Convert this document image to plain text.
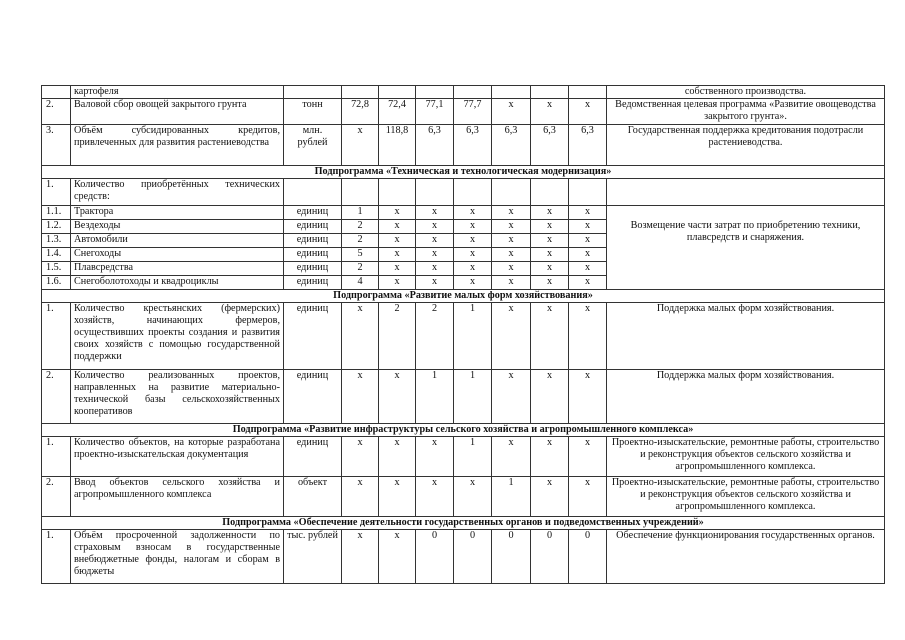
	картофеля									собственного производства.
2.	Валовой сбор овощей закрытого грунта	тонн	72,8	72,4	77,1	77,7	х	х	х	Ведомственная целевая программа «Развитие овощеводства закрытого грунта».
3.	Объём субсидированных кредитов, привлеченных для развития растениеводства	млн. рублей	х	118,8	6,3	6,3	6,3	6,3	6,3	Государственная поддержка кредитования подотрасли растениеводства.
Подпрограмма «Техническая и технологическая модернизация»										
1.	Количество приобретённых технических средств:									
1.1.	Трактора	единиц	1	х	х	х	х	х	х	Возмещение части затрат по приобретению техники, плавсредств и снаряжения.
1.2.	Вездеходы	единиц	2	х	х	х	х	х	х	
1.3.	Автомобили	единиц	2	х	х	х	х	х	х	
1.4.	Снегоходы	единиц	5	х	х	х	х	х	х	
1.5.	Плавсредства	единиц	2	х	х	х	х	х	х	
1.6.	Снегоболотоходы и квадроциклы	единиц	4	х	х	х	х	х	х	
Подпрограмма «Развитие малых форм хозяйствования»										
1.	Количество крестьянских (фермерских) хозяйств, начинающих фермеров, осуществивших проекты создания и развития своих хозяйств с помощью государственной поддержки	единиц	х	2	2	1	х	х	х	Поддержка малых форм хозяйствования.
2.	Количество реализованных проектов, направленных на развитие материально-технической базы сельскохозяйственных кооперативов	единиц	х	х	1	1	х	х	х	Поддержка малых форм хозяйствования.
Подпрограмма «Развитие инфраструктуры сельского хозяйства и агропромышленного комплекса»										
1.	Количество объектов, на которые разработана проектно-изыскательская документация	единиц	х	х	х	1	х	х	х	Проектно-изыскательские, ремонтные работы, строительство и реконструкция объектов сельского хозяйства и агропромышленного комплекса.
2.	Ввод объектов сельского хозяйства и агропромышленного комплекса	объект	х	х	х	х	1	х	х	Проектно-изыскательские, ремонтные работы, строительство и реконструкция объектов сельского хозяйства и агропромышленного комплекса.
Подпрограмма «Обеспечение деятельности государственных органов и подведомственных учреждений»										
1.	Объём просроченной задолженности по страховым взносам в государственные внебюджетные фонды, налогам и сборам в бюджеты	тыс. рублей	х	х	0	0	0	0	0	Обеспечение функционирования государственных органов.
